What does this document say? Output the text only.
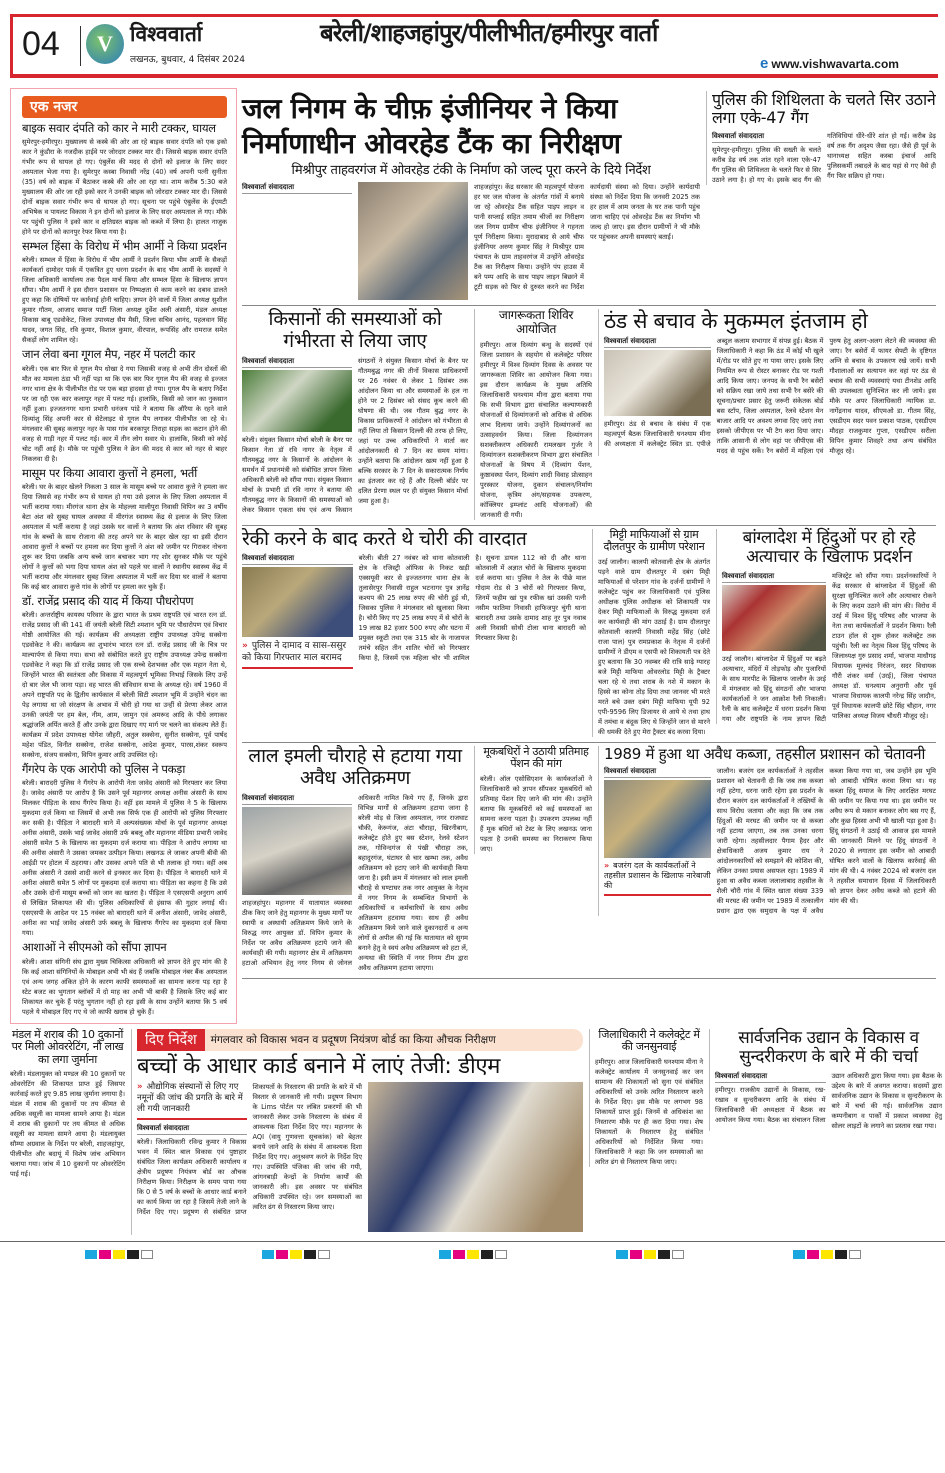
04	V विश्ववार्ता
लखनऊ, बुधवार, 4 दिसंबर 2024
बरेली/शाहजहांपुर/पीलीभीत/हमीरपुर वार्ता
e www.vishwavarta.com
एक नजर
बाइक सवार दंपति को कार ने मारी टक्कर, घायल

सुमेरपुर-हमीरपुर। मुख्यालय से कस्बे की ओर आ रहे बाइक सवार दंपति को एक इको कार ने कुंडौरा के नजदीक हाईवे पर जोरदार टक्कर मार दी। जिससे बाइक सवार दंपति गंभीर रूप से घायल हो गए। एंबुलेंस की मदद से दोनों को इलाज के लिए सदर अस्पताल भेजा गया है। सुमेरपुर कस्बा निवासी नरेंद्र (40) वर्ष अपनी पत्नी सुनीता (35) वर्ष को बाइक में बैठाकर कस्बे की ओर आ रहा था। शाम करीब 5:30 बजे मुख्यालय की ओर जा रही इको कार ने उनकी बाइक को जोरदार टक्कर मार दी। जिससे दोनों बाइक सवार गंभीर रूप से घायल हो गए। सूचना पर पहुंचे एंबुलेंस के ईएमटी अभिषेक व पायलट विकास ने इन दोनों को इलाज के लिए सदर अस्पताल ले गए। मौके पर पहुंची पुलिस ने इको कार व क्षतिग्रस्त बाइक को कब्जे में लिया है। हालत नाजुक होने पर दोनों को कानपुर रेफर किया गया है।

सम्भल हिंसा के विरोध में भीम आर्मी ने किया प्रदर्शन

बरेली। सम्भल में हिंसा के विरोध में भीम आर्मी ने प्रदर्शन किया भीम आर्मी के सैकड़ों कार्यकर्ता दामोदर पार्क में एकत्रित हुए धरना प्रदर्शन के बाद भीम आर्मी के सदस्यों ने जिला अधिकारी कार्यालय तक पैदल मार्च किया और सम्भल हिंसा के खिलाफ ज्ञापन सौंपा। भीम आर्मी ने इस दौरान प्रशासन पर निष्पक्षता से काम करने का दबाव डालते हुए कहा कि दोषियों पर कार्रवाई होनी चाहिए। ज्ञापन देने वालों में जिला अध्यक्ष सुशील कुमार गौतम, आजाद समाज पार्टी जिला अध्यक्ष दुर्वेश अली अंसारी, मंडल अध्यक्ष विकास बाबू एडवोकेट, जिला उपाध्यक्ष सैम मैसी, जिला सचिव आनंद, पहलवान सिंह यादव, जगत सिंह, रवि कुमार, विशाल कुमार, वीरपाल, रूपसिंह और रामराज समेत सैकड़ों लोग शामिल रहे।

जान लेवा बना गूगल मैप, नहर में पलटी कार

बरेली। एक बार फिर से गूगल मैप धोखा दे गया जिसकी वजह से अभी तीन दोस्तों की मौत का मामला ठंडा भी नहीं पड़ा था कि एक बार फिर गूगल मैप की वजह से इज्जत नगर थाना क्षेत्र के पीलीभीत रोड पर एक बड़ा हादसा हो गया। गूगल मैप के बताए निर्देश पर जा रही एक कार कलापुर नहर में पलट गई। हालांकि, किसी को जान का नुकसान नहीं हुआ। इज्जतनगर थाना प्रभारी धनंजय पांडे ने बताया कि औरैया के रहने वाले दिव्यांशु सिंह अपनी कार से सेटेलाइट से गूगल मैप लगाकर पीलीभीत जा रहे थे। मंगलवार की सुबह कलापुर नहर के पास गांव बरकापुर तिराहा सड़क का कटान होने की वजह से गाड़ी नहर में पलट गई। कार में तीन लोग सवार थे। हालांकि, किसी को कोई चोट नहीं आई है। मौके पर पहुंची पुलिस ने क्रेन की मदद से कार को नहर से बाहर निकलवा दी है।

मासूम पर किया आवारा कुत्तों ने हमला, भर्ती

बरेली। घर के बाहर खेलने निकला 3 साल के मासूम बच्चे पर आवारा कुत्ते ने हमला कर दिया जिससे वह गंभीर रूप से घायल हो गया उसे इलाज के लिए जिला अस्पताल में भर्ती कराया गया। मीरगंज थाना क्षेत्र के मोहल्ला मालीपुरा निवासी विपिन का 3 वर्षीय बेटा अंश को सुबह घायल अवस्था में मीरगंज स्वास्थ्य केंद्र से इलाज के लिए जिला अस्पताल में भर्ती कराया है जहां उसके घर वालों ने बताया कि अंश रविवार की सुबह गांव के बच्चों के साथ रोजाना की तरह अपने घर के बाहर खेल रहा था इसी दौरान आवारा कुत्तों ने बच्चों पर हमला कर दिया कुत्तों ने अंश को जमीन पर गिराकर नोचना शुरू कर दिया जबकि अन्य बच्चे जान बचाकर भाग गए शोर सुनकर मौके पर पहुंचे लोगों ने कुत्तों को भगा दिया घायल अंश को पहले घर वालों ने स्थानीय स्वास्थ्य केंद्र में भर्ती कराया और मंगलवार सुबह जिला अस्पताल में भर्ती कर दिया घर वालों ने बताया कि कई बार आवारा कुत्ते गांव के लोगों पर हमला कर चुके हैं।

डॉ. राजेंद्र प्रसाद की याद में किया पौधरोपण

बरेली। अन्तर्राष्ट्रीय कायस्थ परिवार के द्वारा भारत के प्रथम राष्ट्रपति एवं भारत रत्न डॉ. राजेंद्र प्रसाद जी की 141 वीं जयंती बरेली सिटी श्मशान भूमि पर पौधारोपण एवं विचार गोष्ठी आयोजित की गई। कार्यक्रम की अध्यक्षता राष्ट्रीय उपाध्यक्ष उपेन्द्र सक्सेना एडवोकेट ने की। कार्यक्रम का शुभारंभ भारत रत्न डॉ. राजेंद्र प्रसाद जी के चित्र पर माल्यार्पण से किया गया। सभा को संबोधित करते हुए राष्ट्रीय उपाध्यक्ष उपेन्द्र सक्सेना एडवोकेट ने कहा कि डॉ राजेंद्र प्रसाद जी एक सच्चे देशभक्त और एक महान नेता थे, जिन्होंने भारत की स्वतंत्रता और विकास में महत्वपूर्ण भूमिका निभाई जिसके लिए उन्हें दो बार जेल भी जाना पड़ा। वह भारत की संविधान सभा के अध्यक्ष रहे। वर्ष 1960 में अपने राष्ट्रपति पद के द्वितीय कार्यकाल में बरेली सिटी श्मशान भूमि में उन्होंने चंदन का पेड़ लगाया था जो संरक्षण के अभाव में चोरी हो गया था उन्हीं से प्रेरणा लेकर आज उनकी जयंती पर हम बेल, नीम, आम, जामुन एवं अमरूद आदि के पौधे लगाकर श्रद्धांजलि अर्पित करते हैं और उनके द्वारा दिखाए गए मार्ग पर चलने का संकल्प लेते हैं। कार्यक्रम में प्रदेश उपाध्यक्ष योगेश जौहरी, अतुल सक्सेना, सुनीत सक्सेना, पूर्व पार्षद महेश पंडित, विनीत सक्सेना, राजेश सक्सेना, आदेश कुमार, पारस,शंकर स्वरूप सक्सेना, संजय सक्सेना, विपिन कुमार आदि उपस्थित रहे।

गैंगरेप के एक आरोपी को पुलिस ने पकड़ा

बरेली। बारादरी पुलिस ने गैंगरेप के आरोपी नेता जावेद अंसारी को गिरफ्तार कर लिया है। जावेद अंसारी पर आरोप है कि उसने पूर्व महानगर अध्यक्ष अनीस अंसारी के साथ मिलकर पीड़िता के साथ गैंगरेप किया है। वहीं इस मामले में पुलिस ने 5 के खिलाफ मुकदमा दर्ज किया था जिसमें से अभी तक सिर्फ एक ही आरोपी को पुलिस गिरफ्तार कर सकी है। पीड़िता ने बारादरी थाने में अल्पसंख्यक मोर्चा के पूर्व महानगर अध्यक्ष अनीस अंसारी, उसके भाई जावेद अंसारी उर्फ बबलू और महानगर मीडिया प्रभारी जावेद अंसारी समेत 5 के खिलाफ का मुकदमा दर्ज कराया था। पीड़िता ने आरोप लगाया था की अनीस अंसारी ने उसका जमकर उत्पीड़न किया। लखनऊ ले जाकर अपनी बीवी की आईडी पर होटल में ठहराया। और उसका अपने पति से भी तलाक हो गया। वहीं अब अनीस अंसारी ने उससे शादी करने से इनकार कर दिया है। पीड़िता ने बारादरी थाने में अनीश अंसारी समेत 5 लोगों पर मुकदमा दर्ज कराया था। पीड़िता का कहना है कि उसे और उसके दोनों मासूम बच्चों को जान का खतरा है। पीड़िता ने एसएसपी अनुराग आर्य से लिखित शिकायत की थी। पुलिस अधिकारियों से इंसाफ की गुहार लगाई थी। एसएसपी के आदेश पर 15 नवंबर को बारादरी थाने में अनीश अंसारी, जावेद अंसारी, अनीश का भाई जावेद अंसारी उर्फ बबलू के खिलाफ गैंगरेप का मुकदमा दर्ज किया गया।

आशाओं ने सीएमओ को सौंपा ज्ञापन

बरेली। आशा संगिनी संघ द्वारा मुख्य चिकित्सा अधिकारी को ज्ञापन देते हुए मांग की है कि कई आशा संगिनियों के मोबाइल अभी भी बंद हैं जबकि मोबाइल नंबर बैंक अस्पताल एवं अन्य जगह अंकित होने के कारण काफी समस्याओं का सामना करना पड़ रहा है स्टेट बजट का भुगतान ब्लॉकों में दो माह का अभी भी बाकी है जिसके लिए कई बार शिकायत कर चुके हैं परंतु भुगतान नहीं हो रहा इसी के साथ उन्होंने बताया कि 5 वर्ष पहले ये मोबाइल दिए गए थे जो काफी खराब हो चुके हैं।

जल निगम के चीफ़ इंजीनियर ने किया निर्माणाधीन ओवरहेड टैंक का निरीक्षण
मिश्रीपुर ताहवरगंज में ओवरहेड टंकी के निर्माण को जल्द पूरा करने के दिये निर्देश
विश्ववार्ता संवाददाता	शाहजहांपुर। केंद्र सरकार की महत्वपूर्ण योजना हर घर जल योजना के अंतर्गत गांवों में बनाये जा रहे ओवरहेड टैंक सहित पाइप लाइन व पानी सप्लाई सहित तमाम चीजों का निरीक्षण जल निगम ग्रामीण चीफ इंजीनियर ने गहनता पूर्ण निरीक्षण किया। मुरादाबाद से आये चीफ इंजीनियर अरुण कुमार सिंह ने मिश्रीपुर ग्राम पंचायत के ग्राम ताहवरगंज में उन्होंने ओवरहेड टैंक का निरीक्षण किया। उन्होंने पंप हाउस में बने पम्प आदि के साथ पाइप लाइन बिछाने में टूटी सड़क को फिर से दुरुस्त करने का निर्देश कार्यदायी संस्था को दिया। उन्होंने कार्यदायी संस्था को निर्देश दिया कि जनवरी 2025 तक हर हाल में आम जनता के घर तक पानी पहुंच जाना चाहिए एवं ओवरहेड टैंक का निर्माण भी जल्द हो जाए। इस दौरान ग्रामीणों ने भी मौके पर पहुंचकर अपनी समस्याएं बताईं।
पुलिस की शिथिलता के चलते सिर उठाने लगा एके-47 गैंग
विश्ववार्ता संवाददाता
सुमेरपुर-हमीरपुर। पुलिस की सख्ती के चलते करीब डेढ़ वर्ष तक शांत रहने वाला एके-47 गैंग पुलिस की शिथिलता के चलते फिर से सिर उठाने लगा है। हो गए थे। इसके बाद गैंग की गतिविधियां धीरे-धीरे शांत हो गईं। करीब डेढ़ वर्ष तक गैंग अदृश्य जैसा रहा। जैसे ही पूर्व के थानाध्यक्ष सहित कस्बा इंचार्ज आदि पुलिसकर्मी तबादले के बाद यहां से गए वैसे ही गैंग फिर सक्रिय हो गया।
किसानों की समस्याओं को गंभीरता से लिया जाए
विश्ववार्ता संवाददाता
बरेली। संयुक्त किसान मोर्चा बरेली के बैनर पर किसान नेता डॉ रवि नागर के नेतृत्व में गौतमबुद्ध नगर के किसानों के आंदोलन के समर्थन में प्रधानमंत्री को संबोधित ज्ञापन जिला अधिकारी बरेली को सौंपा गया। संयुक्त किसान मोर्चा के प्रभारी डॉ रवि नागर ने बताया की गौतमबुद्ध नगर के किसानों की समस्याओं को लेकर किसान एकता संघ एवं अन्य किसान संगठनों ने संयुक्त किसान मोर्चा के बैनर पर गौतमबुद्ध नगर की तीनों विकास प्राधिकरणों पर 26 नवंबर से लेकर 1 दिसंबर तक आंदोलन किया था और समस्याओं के हल ना होने पर 2 दिसंबर को संसद कूच करने की घोषणा की थी। जब गौतम बुद्ध नगर के विकास प्राधिकरणों ने आंदोलन को गंभीरता से नहीं लिया तो किसान दिल्ली की तरफ हो लिए, जहां पर उच्च अधिकारियों ने वार्ता कर आंदोलनकारी से 7 दिन का समय मांगा। उन्होंने बताया कि आंदोलन खत्म नहीं हुआ है बल्कि सरकार के 7 दिन के सकारात्मक निर्णय का इंतजार कर रहे हैं और दिल्ली बॉर्डर पर दलित प्रेरणा स्थल पर ही संयुक्त किसान मोर्चा जमा हुआ है।
जागरूकता शिविर आयोजित
हमीरपुर। आज दिव्यांग बन्धु के सदस्यों एवं जिला प्रशासन के सहयोग से कलेक्ट्रेट परिसर हमीरपुर में विश्व दिव्यांग दिवस के अवसर पर जागरूकता शिविर का आयोजन किया गया। इस दौरान कार्यक्रम के मुख्य अतिथि जिलाधिकारी घनश्याम मीना द्वारा बताया गया कि सभी विभाग द्वारा संचालित कल्याणकारी योजनाओं से दिव्यांगजनों को अधिक से अधिक लाभ दिलाया जाये। उन्होंने दिव्यांगजनों का उत्साहवर्धन किया। जिला दिव्यांगजन सशक्तीकरण अधिकारी रामलखन गुर्जर ने दिव्यांगजन सशक्तीकरण विभाग द्वारा संचालित योजनाओं के विषय में (दिव्यांग पेंशन, कुष्ठावस्था पेंशन, दिव्यांग शादी विवाह प्रोत्साहन पुरस्कार योजना, दुकान संचालन/निर्माण योजना, कृत्रिम अंग/सहायक उपकरण, कॉक्लियर इम्प्लांट आदि योजनाओं) की जानकारी दी गयी।
ठंड से बचाव के मुकम्मल इंतजाम हो
विश्ववार्ता संवाददाता
हमीरपुर। ठंड से बचाव के संबंध में एक महत्वपूर्ण बैठक जिलाधिकारी घनश्याम मीना की अध्यक्षता में कलेक्ट्रेट स्थित डा. एपीजे अब्दुल कलाम सभागार में संपन्न हुई। बैठक में जिलाधिकारी ने कहा कि ठंड में कोई भी खुले में/रोड पर सोते हुए ना पाया जाए। इसके लिए नियमित रूप से रोस्टर बनाकर रोड पर गश्ती आदि किया जाए। जनपद के सभी रैन बसेरों को सक्रिय रखा जाये तथा सभी रैन बसेरे की सूचना/प्रचार प्रसार हेतु जरूरी संकेतक बोर्ड बस स्टॉप, जिला अस्पताल, रेलवे स्टेशन मेन बाजार आदि पर अवश्य लगवा दिए जाएं तथा इसको जीपीएस पर भी टैग करा दिया जाए। ताकि आसानी से लोग वहां पर जीपीएस की मदद से पहुंच सकें। रैन बसेरों में महिला एवं पुरुष हेतु अलग-अलग लेटने की व्यवस्था की जाए। रैन बसेरों में फायर सेफ्टी के दृष्टिगत अग्नि से बचाव के उपकरण रखे जायें। सभी गौशालाओं का सत्यापन कर वहां पर ठंड से बचाव की सभी व्यवस्थाएं यथा टीनशेड आदि की उपलब्धता सुनिश्चित कर ली जाये। इस मौके पर अपर जिलाधिकारी न्यायिक डा. नागेंद्रनाथ यादव, सीएमओ डा. गीतम सिंह, एसडीएम सदर पवन प्रकाश पाठक, एसडीएम मौदहा राजकुमार गुप्ता, एसडीएम सरीला विपिन कुमार शिवहरे तथा अन्य संबंधित मौजूद रहे।
रेकी करने के बाद करते थे चोरी की वारदात
विश्ववार्ता संवाददाता
» पुलिस ने दामाद व सास-ससुर को किया गिरफ्तार माल बरामद
बरेली। बीती 27 नवंबर को थाना कोतवाली क्षेत्र के रजिस्ट्री ऑफिस के निकट खड़ी एक्सयूवी कार से इज्जतनगर थाना क्षेत्र के तुलासेरपुर निवासी राहुल भटनागर पुत्र ज्ञानेंद्र कश्यप की 25 लाख रुपए की चोरी हुई थी, जिसका पुलिस ने मंगलवार को खुलासा किया है। चोरी किए गए 25 लाख रुपए में से चोरों के 19 लाख 82 हजार 500 रुपए और घटना में प्रयुक्त स्कूटी तथा एक 315 बोर के नाजायज तमंचे सहित तीन शातिर चोरों को गिरफ्तार किया है, जिसमें एक महिला चोर भी शामिल है। सूचना डायल 112 को दी और थाना कोतवाली में अज्ञात चोरों के खिलाफ मुकदमा दर्ज कराया था। पुलिस ने तेल के पीछे माल गोदाम रोड से 3 चोरों को गिरफ्तार किया, जिनमें फहीम खां पुत्र रफीक खां उसकी पत्नी नसीम फातिमा निवासी हाफिजपुर चुंगी थाना बारादरी तथा उसके दामाद शाह नूर पुत्र नवाब अली निवासी सोथी टोला थाना बारादरी को गिरफ्तार किया है।
मिट्टी माफियाओं से ग्राम दौलतपुर के ग्रामीण परेशान
उरई जालौन। कालपी कोतवाली क्षेत्र के अंतर्गत पड़ने वाले ग्राम दौलतपुर में दबंग मिट्टी माफियाओं से परेशान गांव के दर्जनों ग्रामीणों ने कलेक्ट्रेट पहुंच कर जिलाधिकारी एवं पुलिस अधीक्षक पुलिस अधीक्षक को शिकायती पत्र देकर मिट्टी माफियाओं के विरुद्ध मुकदमा दर्ज कर कार्यवाही की मांग उठाई है। ग्राम दौलतपुर कोतवाली कालपी निवासी महेंद्र सिंह (छोटे राजा पाल) पुत्र रामप्रकाश के नेतृत्व में दर्जनों ग्रामीणों ने डीएम व एसपी को शिकायती पत्र देते हुए बताया कि 30 नवम्बर की रात्रि साढ़े ग्यारह बजे मिट्टी माफिया ओवरलोड मिट्टी के ट्रैक्टर चला रहे थे तथा शराब के नशे में मकान के हिस्से का कोना तोड़ दिया तथा जानवर भी मरते मरते बचे उक्त दबंग मिट्टी माफिया यूपी 92 एपी-9596 लिए डिजायर से आये थे तथा हाथ में तमंचा व बंदूक लिए थे जिन्होंने जान से मारने की धमकी देते हुए मेरा ट्रैक्टर बंद करवा दिया।
बांग्लादेश में हिंदुओं पर हो रहे अत्याचार के खिलाफ प्रदर्शन
विश्ववार्ता संवाददाता
उरई जालौन। बांग्लादेश में हिंदुओं पर बढ़ते अत्याचार, मंदिरों में तोड़फोड़ और पुजारियों के साथ मारपीट के खिलाफ जालौन के उरई में मंगलवार को हिंदू संगठनों और भाजपा कार्यकर्ताओं ने जन आक्रोश रैली निकाली। रैली के बाद कलेक्ट्रेट में धरना प्रदर्शन किया गया और राष्ट्रपति के नाम ज्ञापन सिटी मजिस्ट्रेट को सौंपा गया। प्रदर्शनकारियों ने केंद्र सरकार से बांग्लादेश में हिंदुओं की सुरक्षा सुनिश्चित करने और अत्याचार रोकने के लिए कदम उठाने की मांग की। विरोध में उरई में विश्व हिंदू परिषद और भाजपा के नेता तथा कार्यकर्ताओं ने प्रदर्शन किया। रैली टाउन हॉल से शुरू होकर कलेक्ट्रेट तक पहुंची। रैली का नेतृत्व विश्व हिंदू परिषद के जिलाध्यक्ष गुरु प्रसाद शर्मा, भाजपा माधौगढ़ विधायक मूलचंद निरंजन, सदर विधायक गौरी शंकर वर्मा (उरई), जिला पंचायत अध्यक्ष डॉ. घनश्याम अनुरागी और पूर्व भाजपा विधायक कालपी नरेन्द्र सिंह जादौन, पूर्व विधायक कालपी छोटे सिंह चौहान, नगर पालिका अध्यक्ष विजय चौधरी मौजूद रहे।
लाल इमली चौराहे से हटाया गया अवैध अतिक्रमण
विश्ववार्ता संवाददाता
शाहजहांपुर। महानगर में यातायात व्यवस्था ठीक किए जाने हेतु महानगर के मुख्य मार्गों पर स्थायी व अस्थायी अतिक्रमण किये जाने के विरुद्ध नगर आयुक्त डॉ. विपिन कुमार के निर्देश पर अवैध अतिक्रमण हटाये जाने की कार्यवाही की गयी। महानगर क्षेत्र में अतिक्रमण हटाओ अभियान हेतु नगर निगम से जोनल अधिकारी नामित किये गए हैं, जिनके द्वारा विभिन्न मार्गों से अतिक्रमण हटाया जाना है बरेली मोड़ से जिला अस्पताल, नगर राजघाट चौकी, केरूगंज, अंटा चौराहा, खिरनीबाग, कलेक्ट्रेट होते हुए बस स्टेशन, रेलवे स्टेशन तक, गोविन्दगंज से पंखी चौराहा तक, बहादुरगंज, घंटाघर से चार खम्भा तक, अवैध अतिक्रमण को हटाए जाने की कार्यवाही किया जाना है। इसी क्रम में मंगलवार को लाल इमली चौराहे से घण्टाघर तक नगर आयुक्त के नेतृत्व में नगर निगम के सम्बन्धित विभागों के अधिकारियों व कर्मचारियों के साथ अवैध अतिक्रमण हटवाया गया। साथ ही अवैध अतिक्रमण किये जाने वाले दुकानदारों व अन्य लोगों से अपील की गई कि यातायात को सुगम बनाने हेतु वे स्वयं अवैध अतिक्रमण को हटा लें, अन्यथा की स्थिति में नगर निगम टीम द्वारा अवैध अतिक्रमण हटाया जाएगा।
मूकबधिरों ने उठायी प्रतिमाह पेंशन की मांग
बरेली। ऑल एसोसिएशन के कार्यकर्ताओं ने जिलाधिकारी को ज्ञापन सौंपकर मूकबधिरों को प्रतिमाह पेंशन दिए जाने की मांग की। उन्होंने बताया कि मूकबधिरों को कई समस्याओं का सामना करना पड़ता है। उपकरण उपलब्ध नहीं हैं मूक बधिरों को टेस्ट के लिए लखनऊ जाना पड़ता है उनकी समस्या का निराकरण किया जाए।
1989 में हुआ था अवैध कब्जा, तहसील प्रशासन को चेतावनी
विश्ववार्ता संवाददाता
» बजरंग दल के कार्यकर्ताओं ने तहसील प्रशासन के खिलाफ नारेबाजी की
जालौन। बजरंग दल कार्यकर्ताओं ने तहसील प्रशासन को चेतावनी दी कि जब तक कब्जा नहीं हटेगा, धरना जारी रहेगा इस प्रदर्शन के दौरान बजरंग दल कार्यकर्ताओं ने तख्तियों के साथ विरोध जताया और कहा कि जब तक हिंदुओं की मरघट की जमीन पर से कब्जा नहीं हटाया जाएगा, तब तक उनका धरना जारी रहेगा। तहसीलदार पैगाम हैदर और क्षेत्राधिकारी अजय कुमार राय ने आंदोलनकारियों को समझाने की कोशिश की, लेकिन उनका प्रयास असफल रहा। 1989 में हुआ था अवैध कब्जा जलालाबाद तहसील के शैली चौरी गांव में स्थित खाता संख्या 339 की मरघट की जमीन पर 1989 में तत्कालीन प्रधान द्वारा एक समुदाय के पक्ष में अवैध कब्जा किया गया था, जब उन्होंने इस भूमि को आबादी घोषित करवा लिया था। यह कब्जा हिंदू समाज के लिए आरक्षित मरघट की जमीन पर किया गया था। इस जमीन पर अवैध रूप से मकान बनाकर लोग बस गए हैं, और कुछ हिस्सा अभी भी खाली पड़ा हुआ है। हिंदू संगठनों ने उठाई थी आवाज इस मामले की जानकारी मिलने पर हिंदू संगठनों ने 2020 से लगातार इस जमीन को आबादी घोषित करने वालों के खिलाफ कार्रवाई की मांग की थी। 4 नवंबर 2024 को बजरंग दल ने तहसील समाधान दिवस में जिलाधिकारी को ज्ञापन देकर अवैध कब्जे को हटाने की मांग की थी।
मंडल में शराब की 10 दुकानों पर मिली ओवररेटिंग, नौ लाख का लगा जुर्माना
बरेली। मंडलायुक्त को मण्डल की 10 दुकानों पर ओवररेटिंग की शिकायत प्राप्त हुई जिसपर कार्रवाई करते हुए 9.85 लाख जुर्माना लगाया है। मंडल में शराब की दुकानों पर तय कीमत से अधिक वसूली का मामला सामने आया है। मंडल में शराब की दुकानों पर तय कीमत से अधिक वसूली का मामला सामने आया है। मंडलायुक्त सौम्या अग्रवाल के निर्देश पर बरेली, शाहजहांपुर, पीलीभीत और बदायूं में विशेष जांच अभियान चलाया गया। जांच में 10 दुकानों पर ओवररेटिंग पाई गई।
दिए निर्देश	मंगलवार को विकास भवन व प्रदूषण नियंत्रण बोर्ड का किया औचक निरीक्षण
बच्चों के आधार कार्ड बनाने में लाएं तेजी: डीएम
» औद्योगिक संस्थानों से लिए गए नमूनों की जांच की प्रगति के बारे में ली गयी जानकारी
विश्ववार्ता संवाददाता
बरेली। जिलाधिकारी रविन्द्र कुमार ने विकास भवन में स्थित बाल विकास एवं पुष्टाहार संबंधित जिला कार्यक्रम अधिकारी कार्यालय व क्षेत्रीय प्रदूषण नियंत्रण बोर्ड का औचक निरीक्षण किया। निरीक्षण के समय पाया गया कि 0 से 5 वर्ष के बच्चों के आधार कार्ड बनाने का कार्य किया जा रहा है जिसमें तेजी लाने के निर्देश दिए गए। प्रदूषण से संबंधित प्राप्त शिकायतों के निस्तारण की प्रगति के बारे में भी विस्तार से जानकारी ली गयी। प्रदूषण विभाग के Lims पोर्टल पर लंबित प्रकरणों की भी जानकारी लेकर उनके निस्तारण के संबंध में आवश्यक दिशा निर्देश दिए गए। महानगर के AQI (वायु गुणवत्ता सूचकांक) को बेहतर बनाये जाने आदि के संबंध में आवश्यक दिशा निर्देश दिए गए। अनुश्रवण करने के निर्देश दिए गए। उपस्थिति पंजिका की जांच की गयी, आंगनबाड़ी केन्द्रों के निर्माण कार्यों की जानकारी ली। इस अवसर पर संबंधित अधिकारी उपस्थित रहे। जन समस्याओं का त्वरित ढंग से निस्तारण किया जाए।
जिलाधिकारी ने कलेक्ट्रेट में की जनसुनवाई
हमीरपुर। आज जिलाधिकारी घनश्याम मीना ने कलेक्ट्रेट कार्यालय में जनसुनवाई कर जन सामान्य की शिकायतों को सुना एवं संबंधित अधिकारियों को उनके त्वरित निस्तारण करने के निर्देश दिए। इस मौके पर लगभग 98 शिकायतें प्राप्त हुई। जिनमें से अधिकांश का निस्तारण मौके पर ही करा दिया गया। शेष शिकायतों के निस्तारण हेतु संबंधित अधिकारियों को निर्देशित किया गया। जिलाधिकारी ने कहा कि जन समस्याओं का त्वरित ढंग से निस्तारण किया जाए।
सार्वजनिक उद्यान के विकास व सुन्दरीकरण के बारे में की चर्चा
विश्ववार्ता संवाददाता
हमीरपुर। राजकीय उद्यानों के विकास, रख-रखाव व सुन्दरीकरण आदि के संबंध में जिलाधिकारी की अध्यक्षता में बैठक का आयोजन किया गया। बैठक का संचालन जिला उद्यान अधिकारी द्वारा किया गया। इस बैठक के उद्देश्य के बारे में अवगत कराया। सदस्यों द्वारा सार्वजनिक उद्यान के विकास व सुन्दरीकरण के बारे में चर्चा की गई। सार्वजनिक उद्यान कम्पनीबाग व पार्कों में प्रकाश व्यवस्था हेतु सोलर लाइटों के लगाने का प्रस्ताव रखा गया।
